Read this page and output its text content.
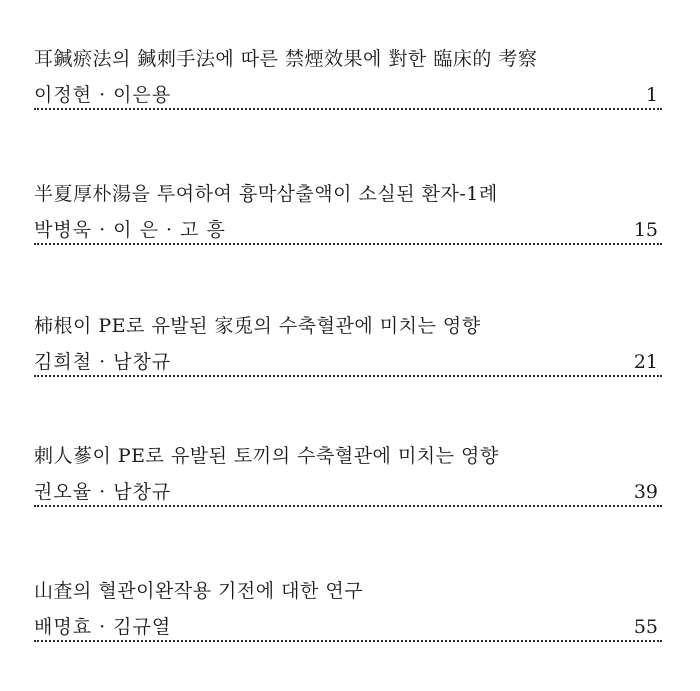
耳鍼瘀法의 鍼刺手法에 따른 禁煙效果에 對한 臨床的 考察
이정현 · 이은용	1
半夏厚朴湯을 투여하여 흉막삼출액이 소실된 환자-1례
박병욱 · 이 은 · 고 흥	15
柿根이 PE로 유발된 家兎의 수축혈관에 미치는 영향
김희철 · 남창규	21
剌人蔘이 PE로 유발된 토끼의 수축혈관에 미치는 영향
권오율 · 남창규	39
山査의 혈관이완작용 기전에 대한 연구
배명효 · 김규열	55
